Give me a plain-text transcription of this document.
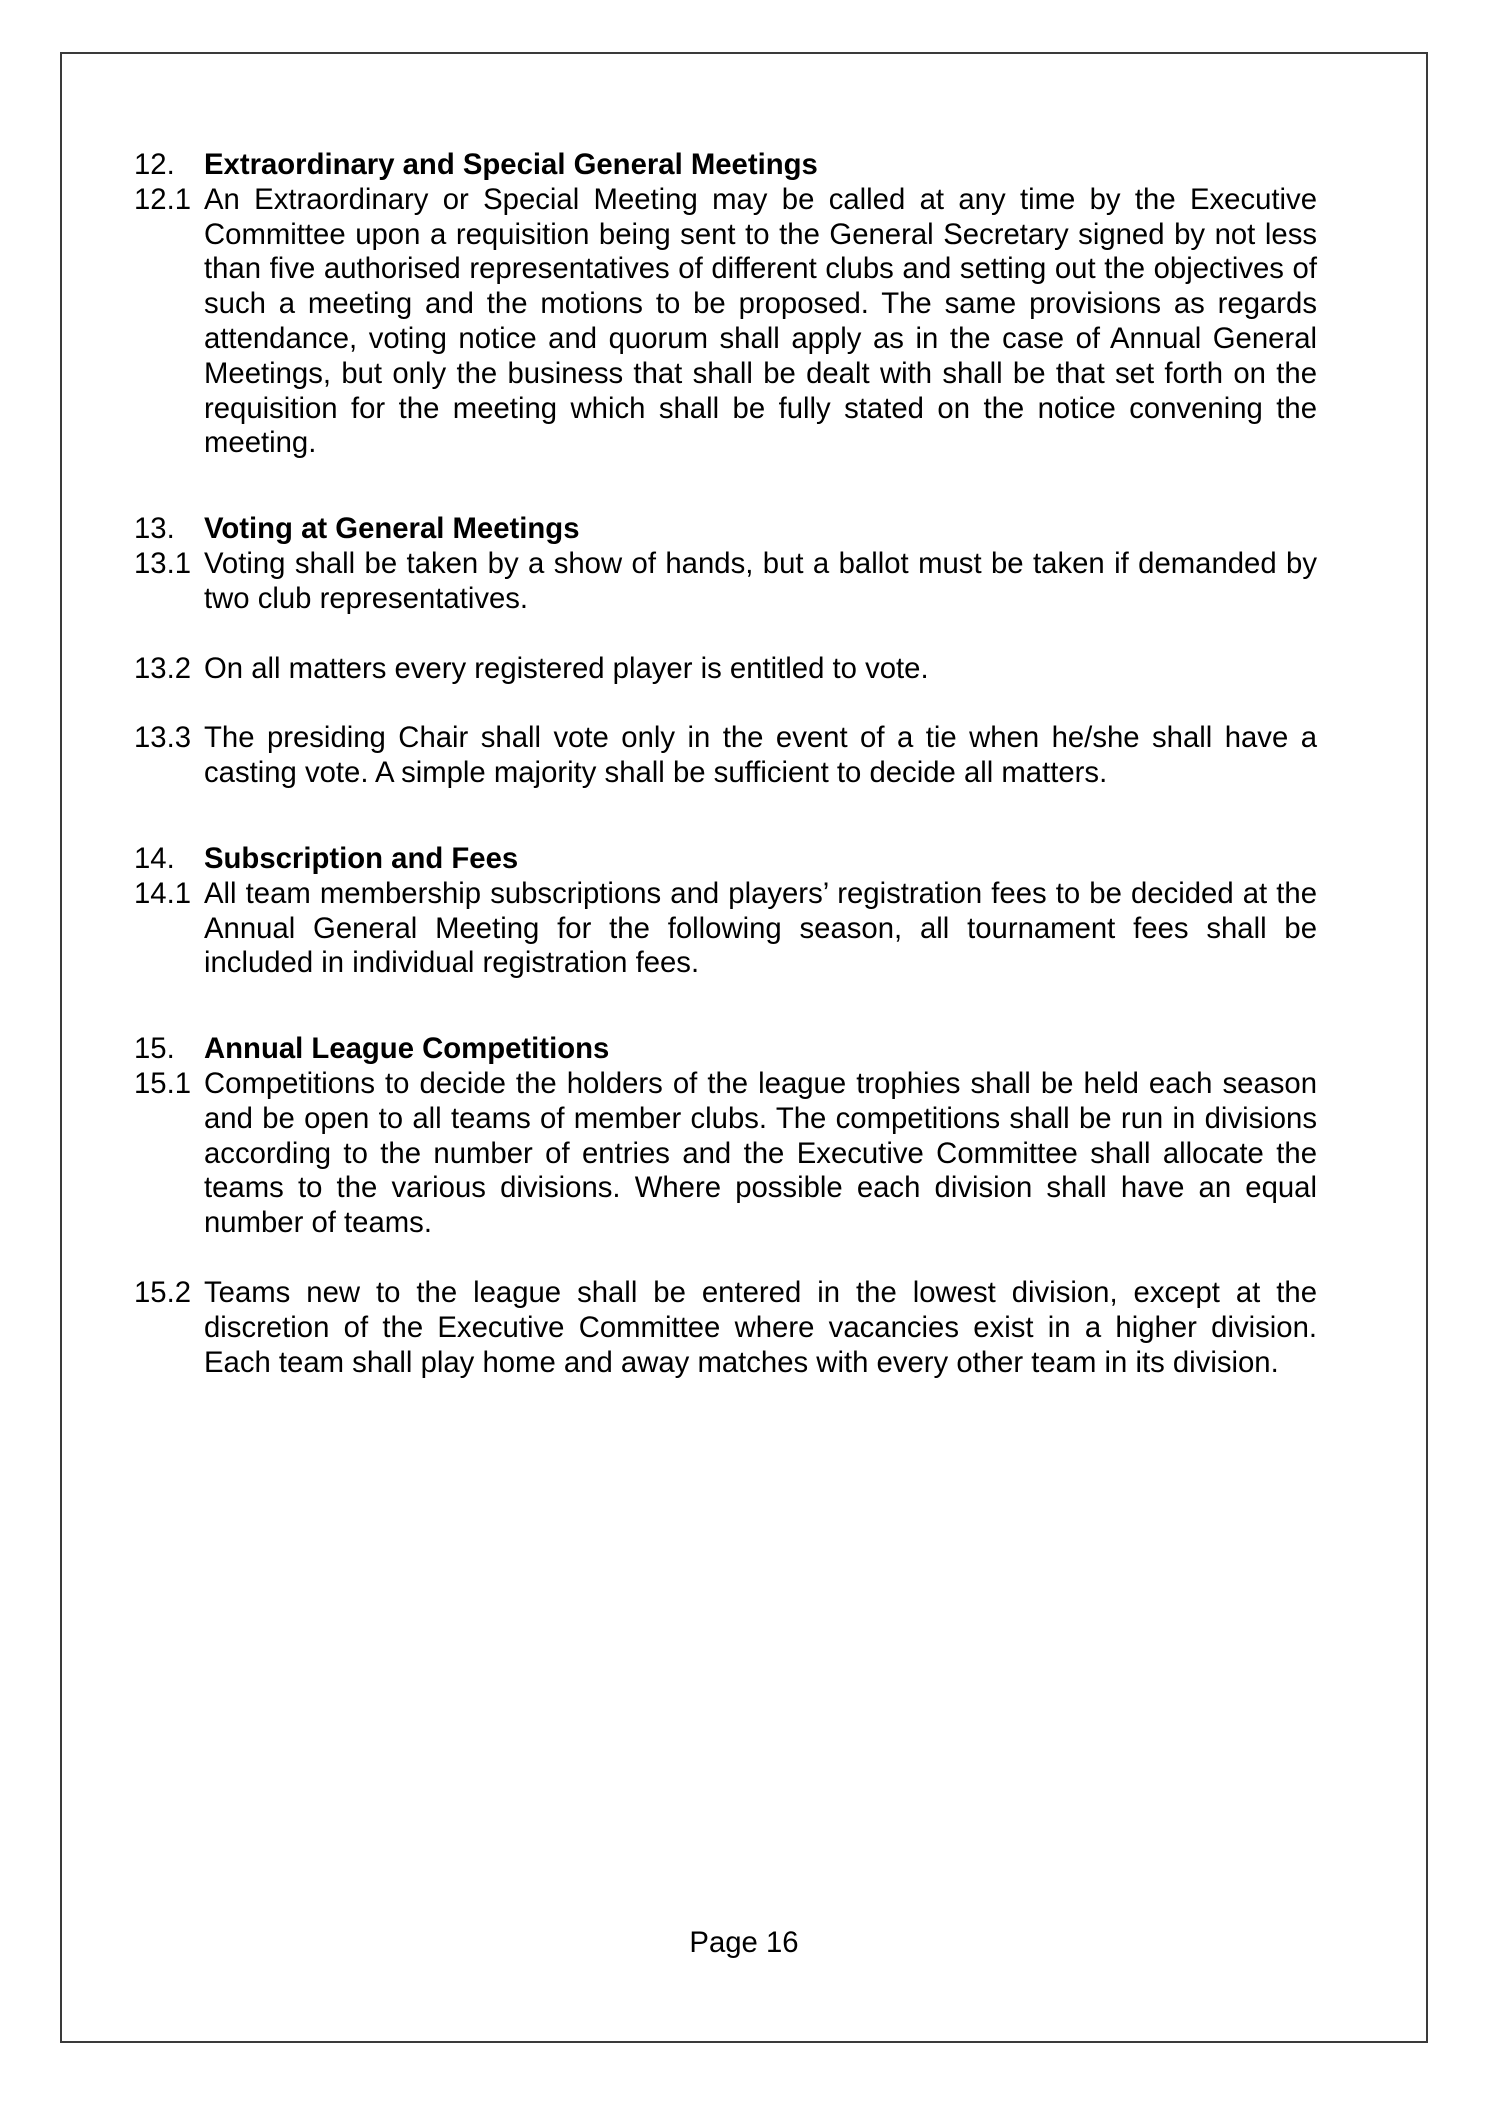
12. Extraordinary and Special General Meetings
12.1 An Extraordinary or Special Meeting may be called at any time by the Executive Committee upon a requisition being sent to the General Secretary signed by not less than five authorised representatives of different clubs and setting out the objectives of such a meeting and the motions to be proposed. The same provisions as regards attendance, voting notice and quorum shall apply as in the case of Annual General Meetings, but only the business that shall be dealt with shall be that set forth on the requisition for the meeting which shall be fully stated on the notice convening the meeting.
13. Voting at General Meetings
13.1 Voting shall be taken by a show of hands, but a ballot must be taken if demanded by two club representatives.
13.2 On all matters every registered player is entitled to vote.
13.3 The presiding Chair shall vote only in the event of a tie when he/she shall have a casting vote. A simple majority shall be sufficient to decide all matters.
14. Subscription and Fees
14.1 All team membership subscriptions and players’ registration fees to be decided at the Annual General Meeting for the following season, all tournament fees shall be included in individual registration fees.
15. Annual League Competitions
15.1 Competitions to decide the holders of the league trophies shall be held each season and be open to all teams of member clubs. The competitions shall be run in divisions according to the number of entries and the Executive Committee shall allocate the teams to the various divisions. Where possible each division shall have an equal number of teams.
15.2 Teams new to the league shall be entered in the lowest division, except at the discretion of the Executive Committee where vacancies exist in a higher division. Each team shall play home and away matches with every other team in its division.
Page 16
